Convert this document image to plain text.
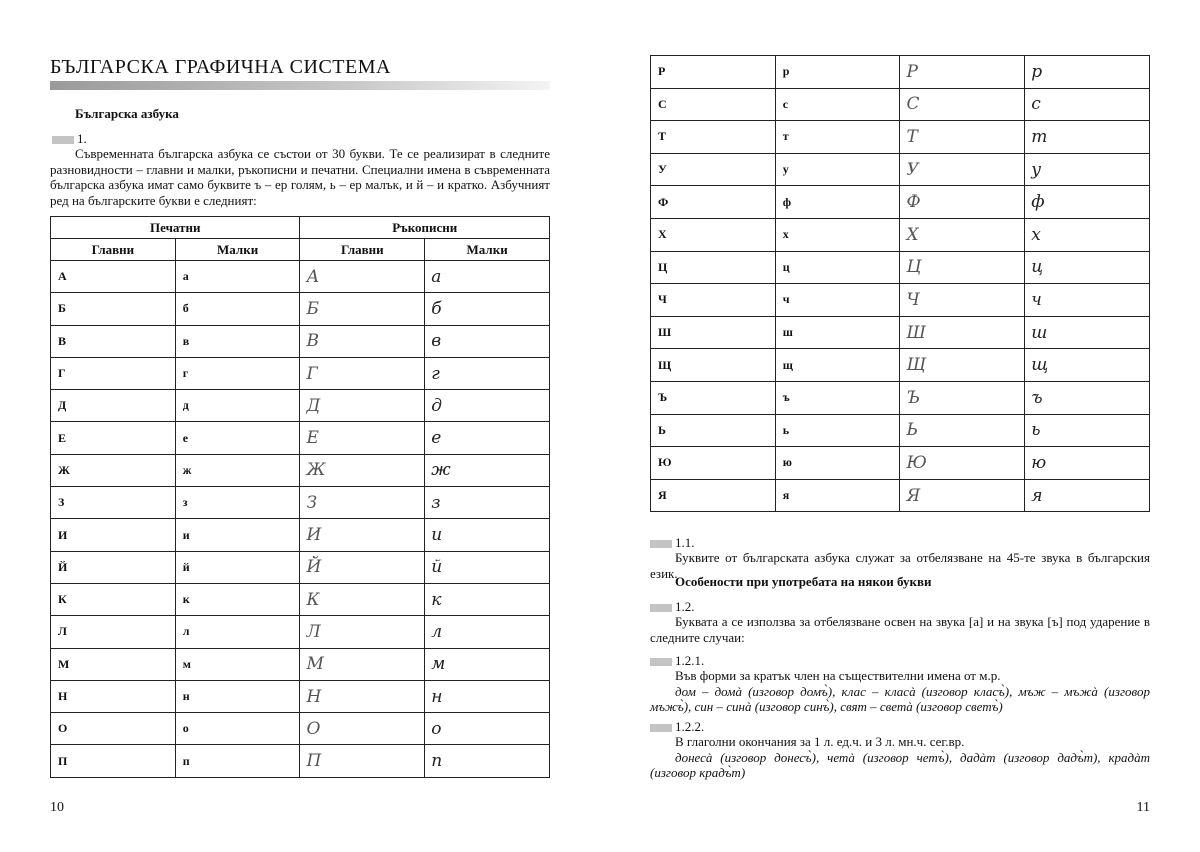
БЪЛГАРСКА ГРАФИЧНА СИСТЕМА
Българска азбука
1.
Съвременната българска азбука се състои от 30 букви. Те се реализират в следните разновидности – главни и малки, ръкописни и печатни. Специални имена в съвременната българска азбука имат само буквите ъ – ер голям, ь – ер малък, и й – и кратко. Азбучният ред на българските букви е следният:
Печатни		Ръкописни	
Главни	Малки	Главни	Малки
А	а	А	а
Б	б	Б	б
В	в	В	в
Г	г	Г	г
Д	д	Д	д
Е	е	Е	е
Ж	ж	Ж	ж
З	з	З	з
И	и	И	и
Й	й	Й	й
К	к	К	к
Л	л	Л	л
М	м	М	м
Н	н	Н	н
О	о	О	о
П	п	П	п
10
Р	р	Р	р
С	с	С	с
Т	т	Т	т
У	у	У	у
Ф	ф	Ф	ф
Х	х	Х	х
Ц	ц	Ц	ц
Ч	ч	Ч	ч
Ш	ш	Ш	ш
Щ	щ	Щ	щ
Ъ	ъ	Ъ	ъ
Ь	ь	Ь	ь
Ю	ю	Ю	ю
Я	я	Я	я
1.1.
Буквите от българската азбука служат за отбелязване на 45-те звука в българския език.
Особености при употребата на някои букви
1.2.
Буквата а се използва за отбелязване освен на звука [а] и на звука [ъ] под ударение в следните случаи:
1.2.1.
Във форми за кратък член на съществителни имена от м.р.
дом – домà (изговор домъ̀), клас – класà (изговор класъ̀), мъж – мъжà (изговор мъжъ̀), син – синà (изговор синъ̀), свят – светà (изговор светъ̀)
1.2.2.
В глаголни окончания за 1 л. ед.ч. и 3 л. мн.ч. сег.вр.
донесà (изговор донесъ̀), четà (изговор четъ̀), дадàт (изговор дадъ̀т), крадàт (изговор крадъ̀т)
11
